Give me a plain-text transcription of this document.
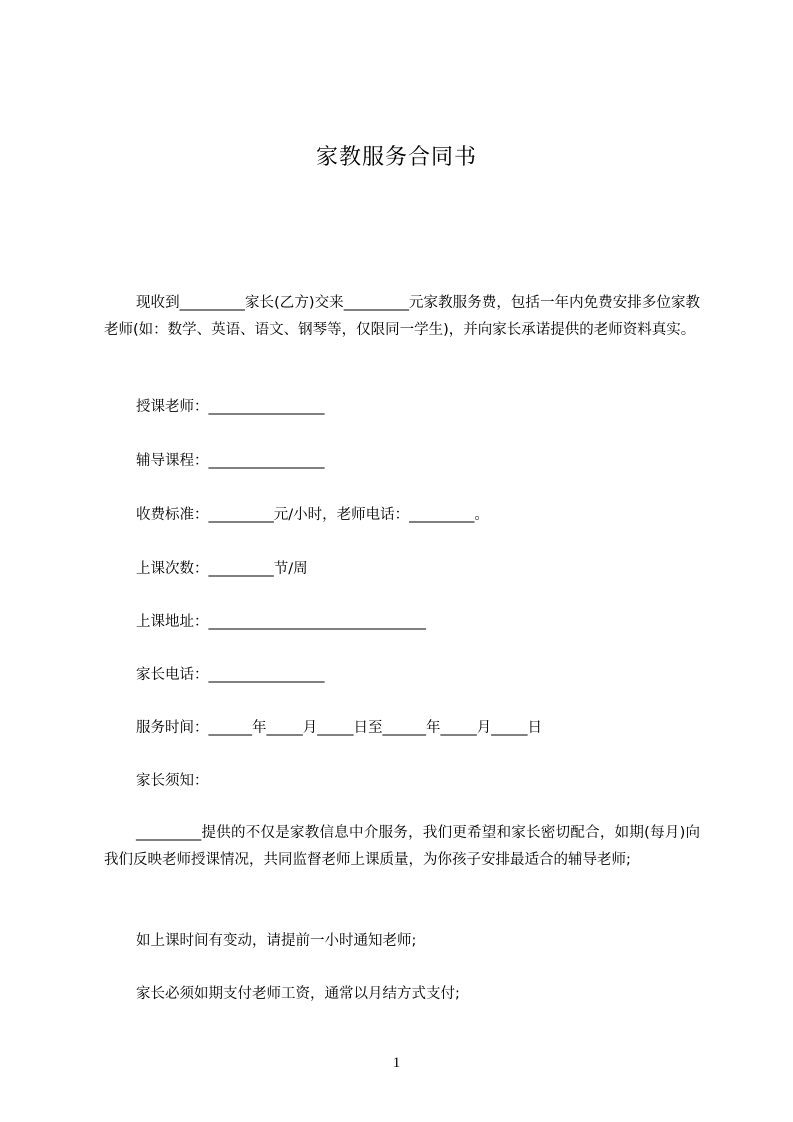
家教服务合同书
现收到_________家长(乙方)交来_________元家教服务费，包括一年内免费安排多位家教老师(如：数学、英语、语文、钢琴等，仅限同一学生)，并向家长承诺提供的老师资料真实。
授课老师：________________
辅导课程：________________
收费标准：_________元/小时，老师电话：_________。
上课次数：_________节/周
上课地址：______________________________
家长电话：________________
服务时间：______年_____月_____日至______年_____月_____日
家长须知：
_________提供的不仅是家教信息中介服务，我们更希望和家长密切配合，如期(每月)向我们反映老师授课情况，共同监督老师上课质量，为你孩子安排最适合的辅导老师;
如上课时间有变动，请提前一小时通知老师;
家长必须如期支付老师工资，通常以月结方式支付;
1
